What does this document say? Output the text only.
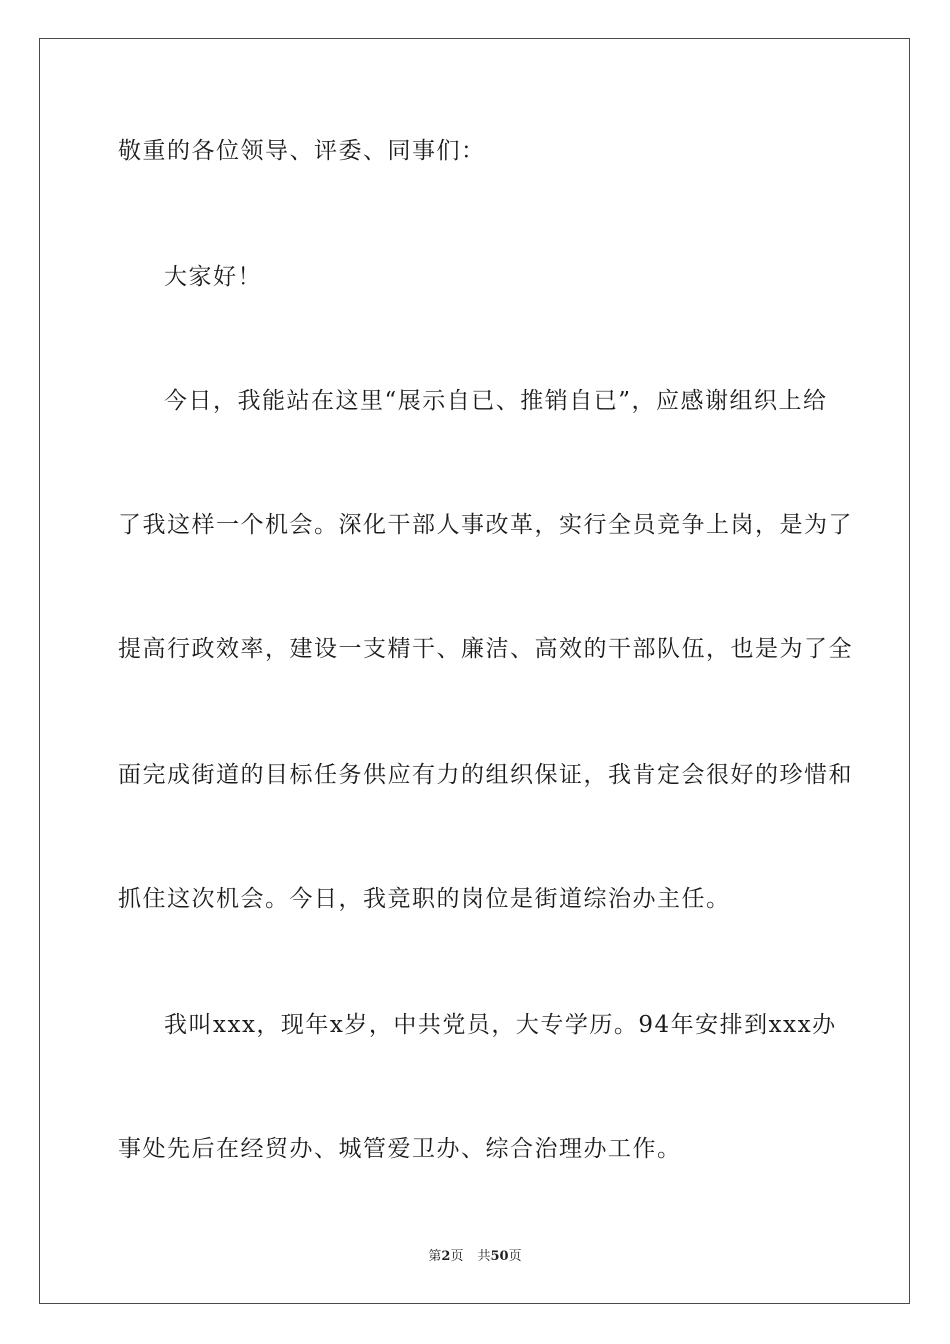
敬重的各位领导、评委、同事们：
大家好！
今日，我能站在这里“展示自已、推销自已”，应感谢组织上给
了我这样一个机会。深化干部人事改革，实行全员竞争上岗，是为了
提高行政效率，建设一支精干、廉洁、高效的干部队伍，也是为了全
面完成街道的目标任务供应有力的组织保证，我肯定会很好的珍惜和
抓住这次机会。今日，我竞职的岗位是街道综治办主任。
我叫xxx，现年x岁，中共党员，大专学历。94年安排到xxx办
事处先后在经贸办、城管爱卫办、综合治理办工作。
第2页 共50页
